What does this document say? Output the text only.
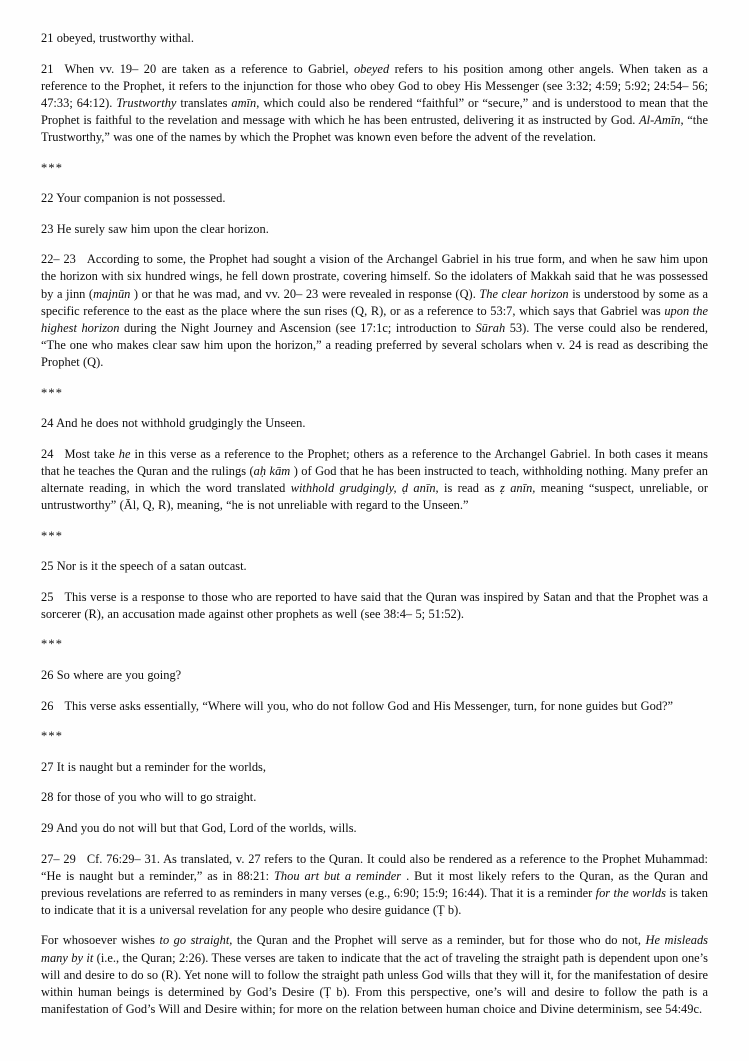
21 obeyed, trustworthy withal.

21 When vv. 19– 20 are taken as a reference to Gabriel, obeyed refers to his position among other angels. When taken as a reference to the Prophet, it refers to the injunction for those who obey God to obey His Messenger (see 3:32; 4:59; 5:92; 24:54– 56; 47:33; 64:12). Trustworthy translates amīn, which could also be rendered “faithful” or “secure,” and is understood to mean that the Prophet is faithful to the revelation and message with which he has been entrusted, delivering it as instructed by God. Al-Amīn, “the Trustworthy,” was one of the names by which the Prophet was known even before the advent of the revelation.

***

22 Your companion is not possessed.

23 He surely saw him upon the clear horizon.

22– 23 According to some, the Prophet had sought a vision of the Archangel Gabriel in his true form, and when he saw him upon the horizon with six hundred wings, he fell down prostrate, covering himself. So the idolaters of Makkah said that he was possessed by a jinn (majnūn ) or that he was mad, and vv. 20– 23 were revealed in response (Q). The clear horizon is understood by some as a specific reference to the east as the place where the sun rises (Q, R), or as a reference to 53:7, which says that Gabriel was upon the highest horizon during the Night Journey and Ascension (see 17:1c; introduction to Sūrah 53). The verse could also be rendered, “The one who makes clear saw him upon the horizon,” a reading preferred by several scholars when v. 24 is read as describing the Prophet (Q).

***

24 And he does not withhold grudgingly the Unseen.

24 Most take he in this verse as a reference to the Prophet; others as a reference to the Archangel Gabriel. In both cases it means that he teaches the Quran and the rulings (aḥ kām ) of God that he has been instructed to teach, withholding nothing. Many prefer an alternate reading, in which the word translated withhold grudgingly, ḍ anīn, is read as ẓ anīn, meaning “suspect, unreliable, or untrustworthy” (Āl, Q, R), meaning, “he is not unreliable with regard to the Unseen.”

***

25 Nor is it the speech of a satan outcast.

25 This verse is a response to those who are reported to have said that the Quran was inspired by Satan and that the Prophet was a sorcerer (R), an accusation made against other prophets as well (see 38:4– 5; 51:52).

***

26 So where are you going?

26 This verse asks essentially, “Where will you, who do not follow God and His Messenger, turn, for none guides but God?”

***

27 It is naught but a reminder for the worlds,

28 for those of you who will to go straight.

29 And you do not will but that God, Lord of the worlds, wills.

27– 29 Cf. 76:29– 31. As translated, v. 27 refers to the Quran. It could also be rendered as a reference to the Prophet Muhammad: “He is naught but a reminder,” as in 88:21: Thou art but a reminder . But it most likely refers to the Quran, as the Quran and previous revelations are referred to as reminders in many verses (e.g., 6:90; 15:9; 16:44). That it is a reminder for the worlds is taken to indicate that it is a universal revelation for any people who desire guidance (Ṭ b).

For whosoever wishes to go straight, the Quran and the Prophet will serve as a reminder, but for those who do not, He misleads many by it (i.e., the Quran; 2:26). These verses are taken to indicate that the act of traveling the straight path is dependent upon one’s will and desire to do so (R). Yet none will to follow the straight path unless God wills that they will it, for the manifestation of desire within human beings is determined by God’s Desire (Ṭ b). From this perspective, one’s will and desire to follow the path is a manifestation of God’s Will and Desire within; for more on the relation between human choice and Divine determinism, see 54:49c.
